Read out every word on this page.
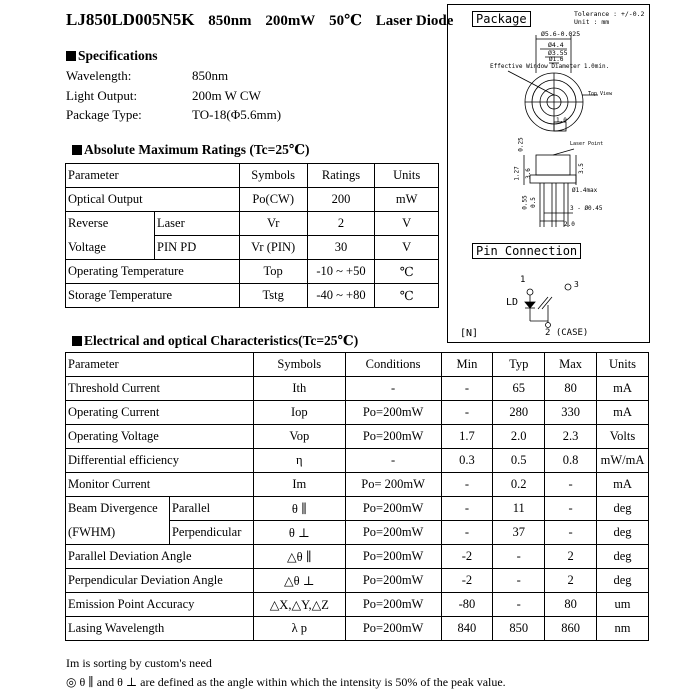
LJ850LD005N5K 850nm 200mW 50℃ Laser Diode
Specifications
Wavelength:	850nm
Light Output:	200m W CW
Package Type:	TO-18(Φ5.6mm)
Absolute Maximum Ratings (Tc=25℃)
Parameter		Symbols	Ratings	Units
Optical Output		Po(CW)	200	mW
Reverse	Laser	Vr	2	V
Voltage	PIN PD	Vr (PIN)	30	V
Operating Temperature		Top	-10 ~ +50	℃
Storage Temperature		Tstg	-40 ~ +80	℃
Package	Tolerance : +/-0.2
Unit : mm
Ø5.6-0.025
Ø4.4
Ø3.55
Ø1.6
Effective Window Diameter 1.0min.
Top View
1.0
Laser Point
0.25
1.27 3.6	3.5
0.55 0.5
Ø1.4max
3 - Ø0.45
2.0
Pin Connection
1	3
LD
2 (CASE)
[N]
Electrical and optical Characteristics(Tc=25℃)
Parameter		Symbols	Conditions	Min	Typ	Max	Units
Threshold Current		Ith	-	-	65	80	mA
Operating Current		Iop	Po=200mW	-	280	330	mA
Operating Voltage		Vop	Po=200mW	1.7	2.0	2.3	Volts
Differential efficiency		η	-	0.3	0.5	0.8	mW/mA
Monitor Current		Im	Po= 200mW	-	0.2	-	mA
Beam Divergence	Parallel	θ ∥	Po=200mW	-	11	-	deg
(FWHM)	Perpendicular	θ ⊥	Po=200mW	-	37	-	deg
Parallel Deviation Angle		△θ ∥	Po=200mW	-2	-	2	deg
Perpendicular Deviation Angle		△θ ⊥	Po=200mW	-2	-	2	deg
Emission Point Accuracy		△X,△Y,△Z	Po=200mW	-80	-	80	um
Lasing Wavelength		λ p	Po=200mW	840	850	860	nm
Im is sorting by custom's need
◎ θ ∥ and θ ⊥ are defined as the angle within which the intensity is 50% of the peak value.
